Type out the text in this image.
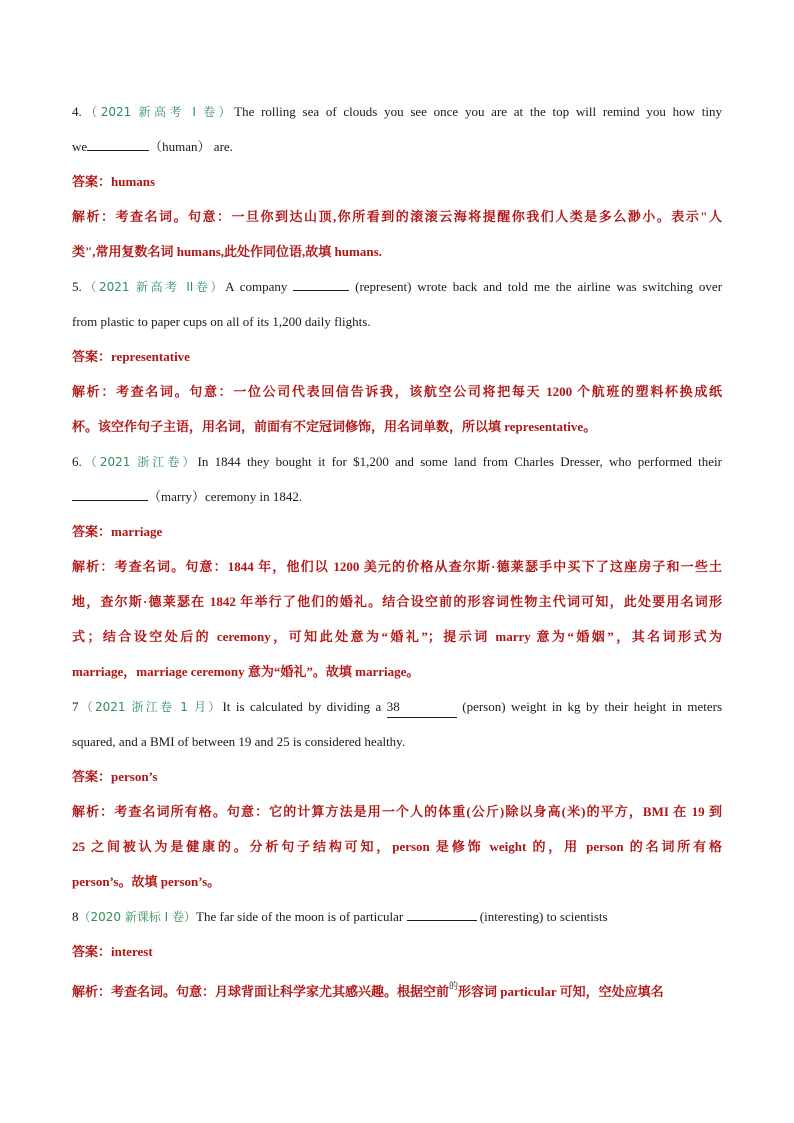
4.（2021 新高考 I 卷）The rolling sea of clouds you see once you are at the top will remind you how tiny
we	（human） are.
答案：humans
解析：考查名词。句意：一旦你到达山顶,你所看到的滚滚云海将提醒你我们人类是多么渺小。表示"人
类",常用复数名词 humans,此处作同位语,故填 humans.
5.（2021 新高考 II卷）A company	(represent) wrote back and told me the airline was switching over
from plastic to paper cups on all of its 1,200 daily flights.
答案：representative
解析：考查名词。句意：一位公司代表回信告诉我，该航空公司将把每天 1200 个航班的塑料杯换成纸
杯。该空作句子主语，用名词，前面有不定冠词修饰，用名词单数，所以填 representative。
6.（2021 浙江卷）In 1844 they bought it for $1,200 and some land from Charles Dresser, who performed their
（marry）ceremony in 1842.
答案：marriage
解析：考查名词。句意：1844 年，他们以 1200 美元的价格从查尔斯·德莱瑟手中买下了这座房子和一些土
地，查尔斯·德莱瑟在 1842 年举行了他们的婚礼。结合设空前的形容词性物主代词可知，此处要用名词形
式；结合设空处后的 ceremony，可知此处意为“婚礼”；提示词 marry 意为“婚姻”，其名词形式为
marriage，marriage ceremony 意为“婚礼”。故填 marriage。
7（2021 浙江卷 1 月）It is calculated by dividing a 38	(person) weight in kg by their height in meters
squared, and a BMI of between 19 and 25 is considered healthy.
答案：person’s
解析：考查名词所有格。句意：它的计算方法是用一个人的体重(公斤)除以身高(米)的平方，BMI 在 19 到
25 之间被认为是健康的。分析句子结构可知，person 是修饰 weight 的，用 person 的名词所有格
person’s。故填 person’s。
8（2020 新课标 I 卷）The far side of the moon is of particular	(interesting) to scientists
答案：interest
解析：考查名词。句意：月球背面让科学家尤其感兴趣。根据空前$^的$形容词 particular 可知，空处应填名
